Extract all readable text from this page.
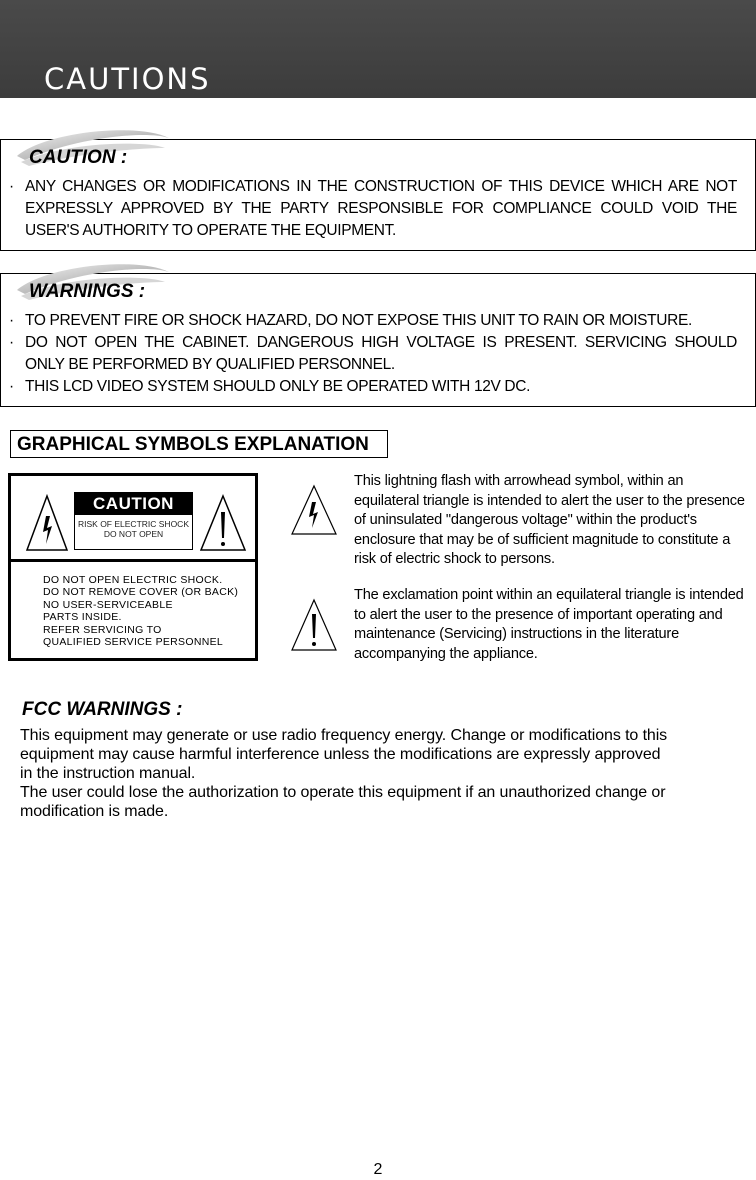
CAUTIONS
CAUTION :

· ANY CHANGES OR MODIFICATIONS IN THE CONSTRUCTION OF THIS DEVICE WHICH ARE NOT EXPRESSLY APPROVED BY THE PARTY RESPONSIBLE FOR COMPLIANCE COULD VOID THE USER'S AUTHORITY TO OPERATE THE EQUIPMENT.

WARNINGS :

· TO PREVENT FIRE OR SHOCK HAZARD, DO NOT EXPOSE THIS UNIT TO RAIN OR MOISTURE.

· DO NOT OPEN THE CABINET. DANGEROUS HIGH VOLTAGE IS PRESENT. SERVICING SHOULD ONLY BE PERFORMED BY QUALIFIED PERSONNEL.

· THIS LCD VIDEO SYSTEM SHOULD ONLY BE OPERATED WITH 12V DC.

GRAPHICAL SYMBOLS EXPLANATION
CAUTION
RISK OF ELECTRIC SHOCK
DO NOT OPEN
DO NOT OPEN ELECTRIC SHOCK.
DO NOT REMOVE COVER (OR BACK)
NO USER-SERVICEABLE
PARTS INSIDE.
REFER SERVICING TO
QUALIFIED SERVICE PERSONNEL
This lightning flash with arrowhead symbol, within an equilateral triangle is intended to alert the user to the presence of uninsulated "dangerous voltage" within the product's enclosure that may be of sufficient magnitude to constitute a risk of electric shock to persons.
The exclamation point within an equilateral triangle is intended to alert the user to the presence of important operating and maintenance (Servicing) instructions in the literature accompanying the appliance.
FCC WARNINGS :
This equipment may generate or use radio frequency energy. Change or modifications to this
equipment may cause harmful interference unless the modifications are expressly approved
in the instruction manual.
The user could lose the authorization to operate this equipment if an unauthorized change or
modification is made.
2
